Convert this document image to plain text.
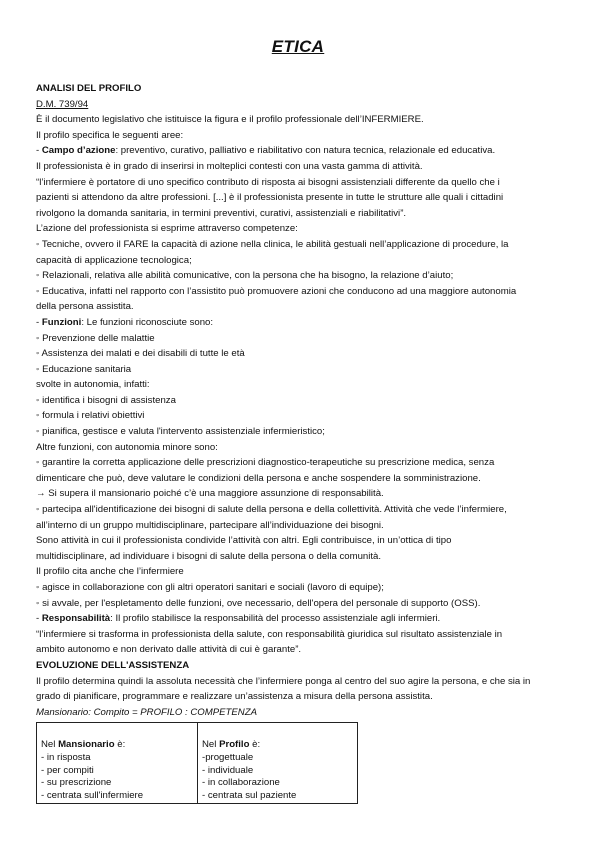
ETICA
ANALISI DEL PROFILO
D.M. 739/94
È il documento legislativo che istituisce la figura e il profilo professionale dell’INFERMIERE.
Il profilo specifica le seguenti aree:
- Campo d’azione: preventivo, curativo, palliativo e riabilitativo con natura tecnica, relazionale ed educativa.
Il professionista è in grado di inserirsi in molteplici contesti con una vasta gamma di attività.
“l’infermiere è portatore di uno specifico contributo di risposta ai bisogni assistenziali differente da quello che i
pazienti si attendono da altre professioni. [...] è il professionista presente in tutte le strutture alle quali i cittadini
rivolgono la domanda sanitaria, in termini preventivi, curativi, assistenziali e riabilitativi”.
L’azione del professionista si esprime attraverso competenze:
◦ Tecniche, ovvero il FARE la capacità di azione nella clinica, le abilità gestuali nell’applicazione di procedure, la
capacità di applicazione tecnologica;
◦ Relazionali, relativa alle abilità comunicative, con la persona che ha bisogno, la relazione d’aiuto;
◦ Educativa, infatti nel rapporto con l’assistito può promuovere azioni che conducono ad una maggiore autonomia
della persona assistita.
- Funzioni: Le funzioni riconosciute sono:
◦ Prevenzione delle malattie
◦ Assistenza dei malati e dei disabili di tutte le età
◦ Educazione sanitaria
svolte in autonomia, infatti:
◦ identifica i bisogni di assistenza
◦ formula i relativi obiettivi
◦ pianifica, gestisce e valuta l'intervento assistenziale infermieristico;
Altre funzioni, con autonomia minore sono:
◦ garantire la corretta applicazione delle prescrizioni diagnostico-terapeutiche su prescrizione medica, senza
dimenticare che può, deve valutare le condizioni della persona e anche sospendere la somministrazione.
→ Si supera il mansionario poiché c’è una maggiore assunzione di responsabilità.
◦ partecipa all'identificazione dei bisogni di salute della persona e della collettività. Attività che vede l’infermiere,
all’interno di un gruppo multidisciplinare, partecipare all’individuazione dei bisogni.
Sono attività in cui il professionista condivide l’attività con altri. Egli contribuisce, in un’ottica di tipo
multidisciplinare, ad individuare i bisogni di salute della persona o della comunità.
Il profilo cita anche che l’infermiere
◦ agisce in collaborazione con gli altri operatori sanitari e sociali (lavoro di equipe);
◦ si avvale, per l'espletamento delle funzioni, ove necessario, dell'opera del personale di supporto (OSS).
- Responsabilità: Il profilo stabilisce la responsabilità del processo assistenziale agli infermieri.
“l’infermiere si trasforma in professionista della salute, con responsabilità giuridica sul risultato assistenziale in
ambito autonomo e non derivato dalle attività di cui è garante”.
EVOLUZIONE DELL'ASSISTENZA
Il profilo determina quindi la assoluta necessità che l’infermiere ponga al centro del suo agire la persona, e che sia in
grado di pianificare, programmare e realizzare un’assistenza a misura della persona assistita.
Mansionario: Compito = PROFILO : COMPETENZA
Nel Mansionario è:
- in risposta
- per compiti
- su prescrizione
- centrata sull'infermiere
Nel Profilo è:
-progettuale
- individuale
- in collaborazione
- centrata sul paziente
